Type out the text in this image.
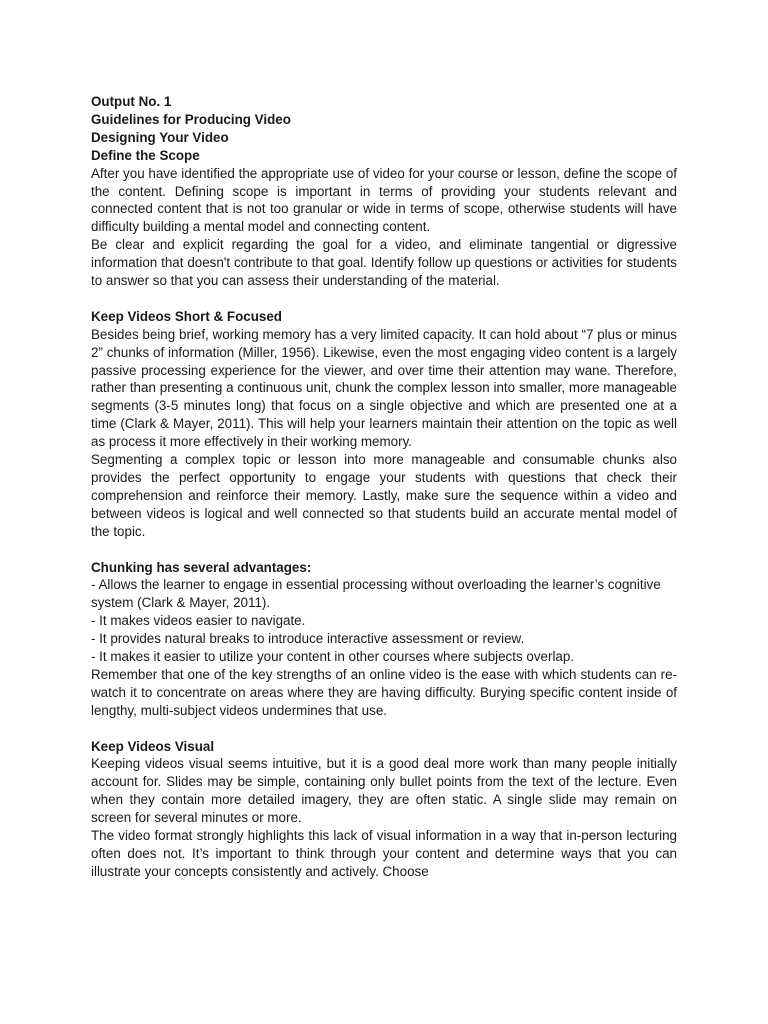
Output No. 1
Guidelines for Producing Video
Designing Your Video
Define the Scope

After you have identified the appropriate use of video for your course or lesson, define the scope of the content. Defining scope is important in terms of providing your students relevant and connected content that is not too granular or wide in terms of scope, otherwise students will have difficulty building a mental model and connecting content.

Be clear and explicit regarding the goal for a video, and eliminate tangential or digressive information that doesn't contribute to that goal. Identify follow up questions or activities for students to answer so that you can assess their understanding of the material.

Keep Videos Short & Focused

Besides being brief, working memory has a very limited capacity. It can hold about “7 plus or minus 2” chunks of information (Miller, 1956). Likewise, even the most engaging video content is a largely passive processing experience for the viewer, and over time their attention may wane. Therefore, rather than presenting a continuous unit, chunk the complex lesson into smaller, more manageable segments (3-5 minutes long) that focus on a single objective and which are presented one at a time (Clark & Mayer, 2011). This will help your learners maintain their attention on the topic as well as process it more effectively in their working memory.

Segmenting a complex topic or lesson into more manageable and consumable chunks also provides the perfect opportunity to engage your students with questions that check their comprehension and reinforce their memory. Lastly, make sure the sequence within a video and between videos is logical and well connected so that students build an accurate mental model of the topic.

Chunking has several advantages:
- Allows the learner to engage in essential processing without overloading the learner’s cognitive system (Clark & Mayer, 2011).
- It makes videos easier to navigate.
- It provides natural breaks to introduce interactive assessment or review.
- It makes it easier to utilize your content in other courses where subjects overlap.

Remember that one of the key strengths of an online video is the ease with which students can re-watch it to concentrate on areas where they are having difficulty. Burying specific content inside of lengthy, multi-subject videos undermines that use.

Keep Videos Visual

Keeping videos visual seems intuitive, but it is a good deal more work than many people initially account for. Slides may be simple, containing only bullet points from the text of the lecture. Even when they contain more detailed imagery, they are often static. A single slide may remain on screen for several minutes or more.

The video format strongly highlights this lack of visual information in a way that in-person lecturing often does not. It’s important to think through your content and determine ways that you can illustrate your concepts consistently and actively. Choose
